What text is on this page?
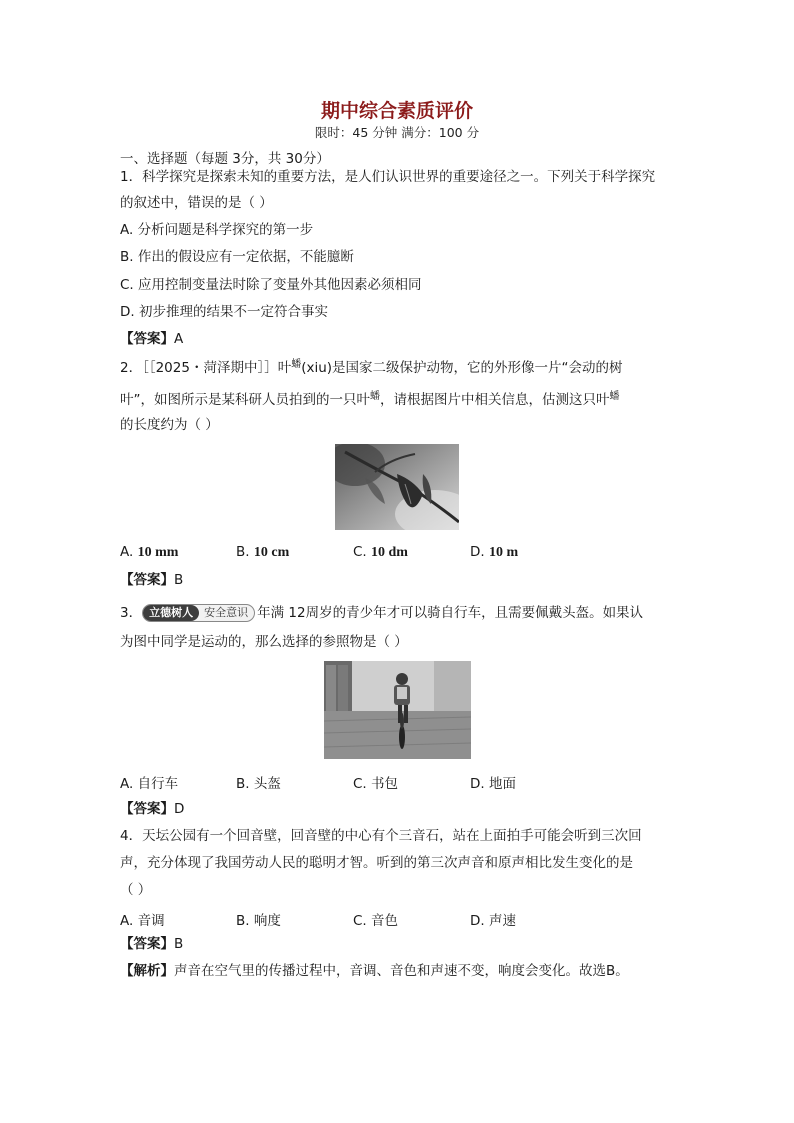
期中综合素质评价
限时：45 分钟 满分：100 分
一、选择题（每题 3分，共 30分）
1．科学探究是探索未知的重要方法，是人们认识世界的重要途径之一。下列关于科学探究
的叙述中，错误的是（ ）
A. 分析问题是科学探究的第一步
B. 作出的假设应有一定依据，不能臆断
C. 应用控制变量法时除了变量外其他因素必须相同
D. 初步推理的结果不一定符合事实
【答案】A
2．［［2025・菏泽期中］］叶$^蟠$(xiu)是国家二级保护动物，它的外形像一片“会动的树
叶”，如图所示是某科研人员拍到的一只叶$^蟠$，请根据图片中相关信息，估测这只叶$^蟠$
的长度约为（ ）
A. 10 mm	B. 10 cm	C. 10 dm	D. 10 m
【答案】B
3． 立德树人 安全意识 年满 12周岁的青少年才可以骑自行车，且需要佩戴头盔。如果认
为图中同学是运动的，那么选择的参照物是（ ）
A. 自行车	B. 头盔	C. 书包	D. 地面
【答案】D
4．天坛公园有一个回音壁，回音壁的中心有个三音石，站在上面拍手可能会听到三次回
声，充分体现了我国劳动人民的聪明才智。听到的第三次声音和原声相比发生变化的是
（ ）
A. 音调	B. 响度	C. 音色	D. 声速
【答案】B
【解析】声音在空气里的传播过程中，音调、音色和声速不变，响度会变化。故选B。
